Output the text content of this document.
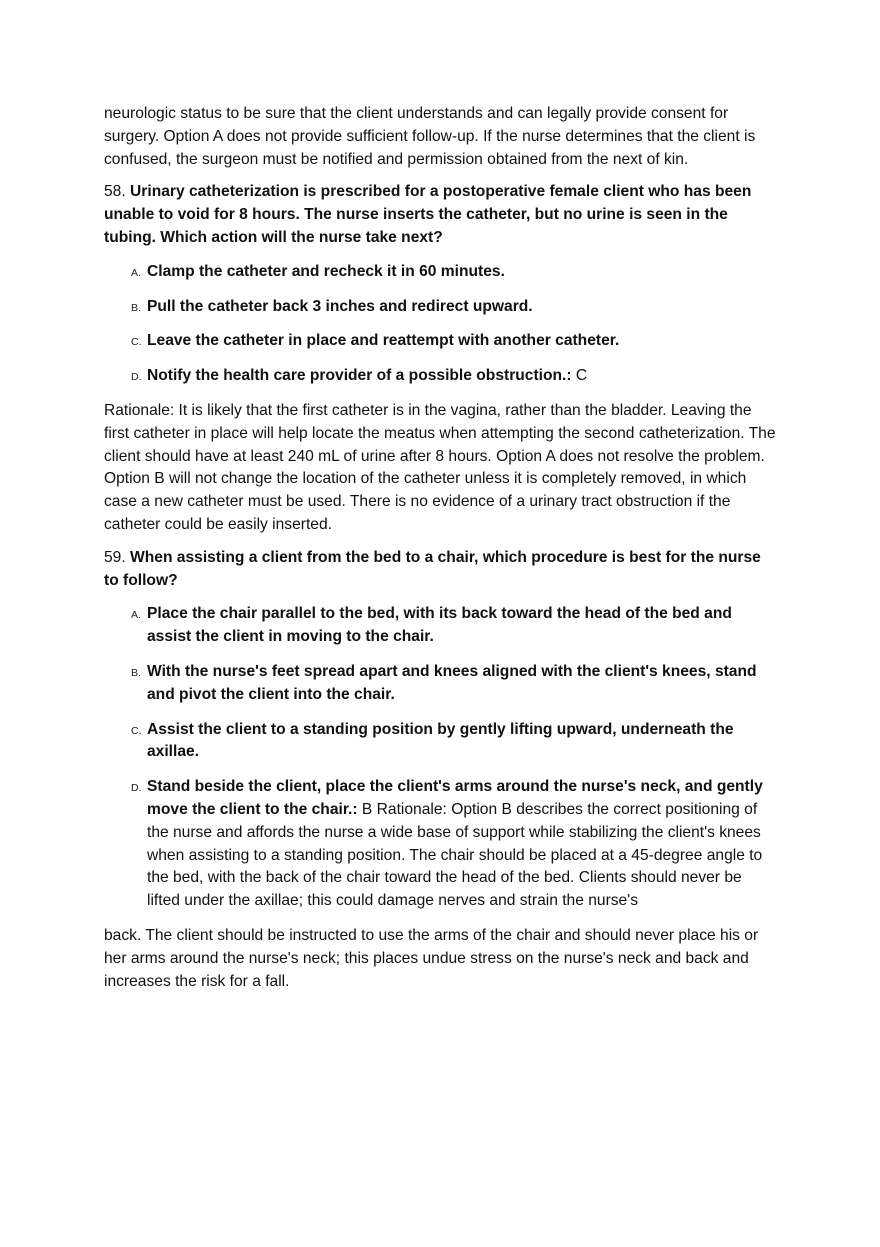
neurologic status to be sure that the client understands and can legally provide consent for surgery. Option A does not provide sufficient follow-up. If the nurse determines that the client is confused, the surgeon must be notified and permission obtained from the next of kin.

58. Urinary catheterization is prescribed for a postoperative female client who has been unable to void for 8 hours. The nurse inserts the catheter, but no urine is seen in the tubing. Which action will the nurse take next?

A. Clamp the catheter and recheck it in 60 minutes.
B. Pull the catheter back 3 inches and redirect upward.
C. Leave the catheter in place and reattempt with another catheter.
D. Notify the health care provider of a possible obstruction.: C

Rationale: It is likely that the first catheter is in the vagina, rather than the bladder. Leaving the first catheter in place will help locate the meatus when attempting the second catheterization. The client should have at least 240 mL of urine after 8 hours. Option A does not resolve the problem. Option B will not change the location of the catheter unless it is completely removed, in which case a new catheter must be used. There is no evidence of a urinary tract obstruction if the catheter could be easily inserted.

59. When assisting a client from the bed to a chair, which procedure is best for the nurse to follow?

A. Place the chair parallel to the bed, with its back toward the head of the bed and assist the client in moving to the chair.
B. With the nurse's feet spread apart and knees aligned with the client's knees, stand and pivot the client into the chair.
C. Assist the client to a standing position by gently lifting upward, underneath the axillae.
D. Stand beside the client, place the client's arms around the nurse's neck, and gently move the client to the chair.: B Rationale: Option B describes the correct positioning of the nurse and affords the nurse a wide base of support while stabilizing the client's knees when assisting to a standing position. The chair should be placed at a 45-degree angle to the bed, with the back of the chair toward the head of the bed. Clients should never be lifted under the axillae; this could damage nerves and strain the nurse's

back. The client should be instructed to use the arms of the chair and should never place his or her arms around the nurse's neck; this places undue stress on the nurse's neck and back and increases the risk for a fall.
